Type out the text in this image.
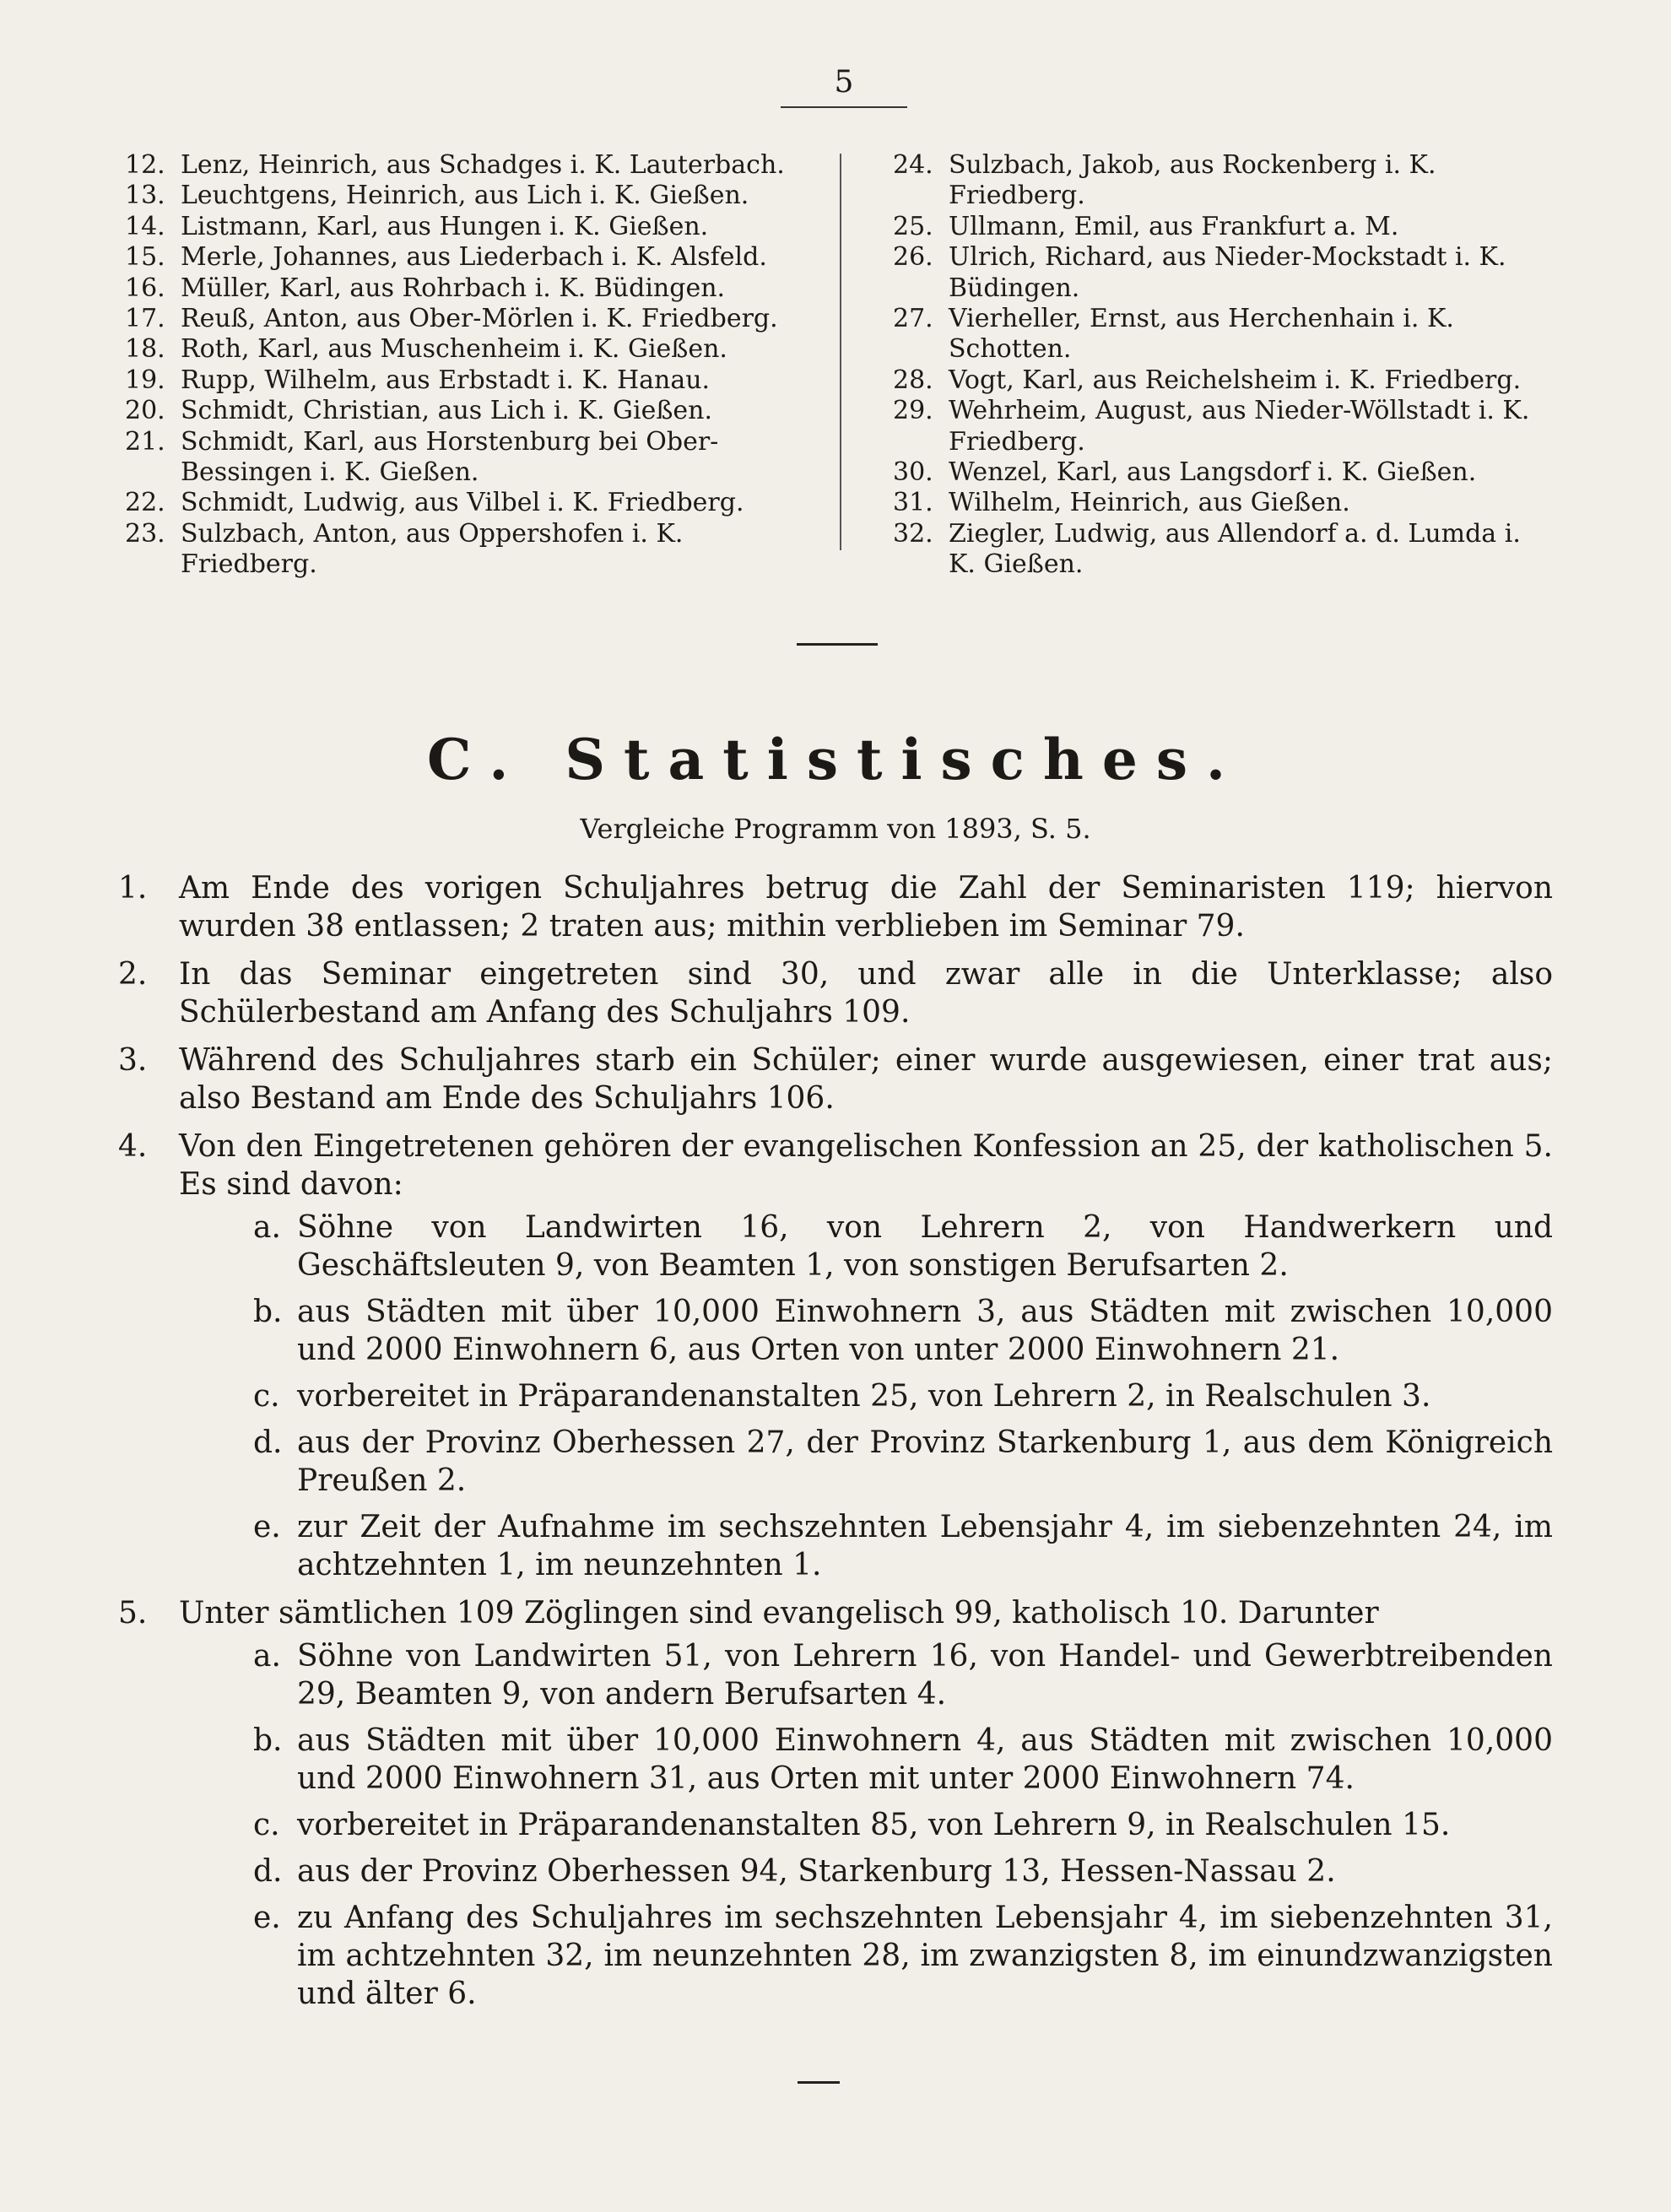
5
12. Lenz, Heinrich, aus Schadges i. K. Lauterbach.
13. Leuchtgens, Heinrich, aus Lich i. K. Gießen.
14. Listmann, Karl, aus Hungen i. K. Gießen.
15. Merle, Johannes, aus Liederbach i. K. Alsfeld.
16. Müller, Karl, aus Rohrbach i. K. Büdingen.
17. Reuß, Anton, aus Ober-Mörlen i. K. Friedberg.
18. Roth, Karl, aus Muschenheim i. K. Gießen.
19. Rupp, Wilhelm, aus Erbstadt i. K. Hanau.
20. Schmidt, Christian, aus Lich i. K. Gießen.
21. Schmidt, Karl, aus Horstenburg bei Ober-Bessingen i. K. Gießen.
22. Schmidt, Ludwig, aus Vilbel i. K. Friedberg.
23. Sulzbach, Anton, aus Oppershofen i. K. Friedberg.
24. Sulzbach, Jakob, aus Rockenberg i. K. Friedberg.
25. Ullmann, Emil, aus Frankfurt a. M.
26. Ulrich, Richard, aus Nieder-Mockstadt i. K. Büdingen.
27. Vierheller, Ernst, aus Herchenhain i. K. Schotten.
28. Vogt, Karl, aus Reichelsheim i. K. Friedberg.
29. Wehrheim, August, aus Nieder-Wöllstadt i. K. Friedberg.
30. Wenzel, Karl, aus Langsdorf i. K. Gießen.
31. Wilhelm, Heinrich, aus Gießen.
32. Ziegler, Ludwig, aus Allendorf a. d. Lumda i. K. Gießen.
C. Statistisches.
Vergleiche Programm von 1893, S. 5.
1.	Am Ende des vorigen Schuljahres betrug die Zahl der Seminaristen 119; hiervon wurden 38 entlassen; 2 traten aus; mithin verblieben im Seminar 79.
2.	In das Seminar eingetreten sind 30, und zwar alle in die Unterklasse; also Schülerbestand am Anfang des Schuljahrs 109.
3.	Während des Schuljahres starb ein Schüler; einer wurde ausgewiesen, einer trat aus; also Bestand am Ende des Schuljahrs 106.
4.	Von den Eingetretenen gehören der evangelischen Konfession an 25, der katholischen 5. Es sind davon:
a. Söhne von Landwirten 16, von Lehrern 2, von Handwerkern und Geschäftsleuten 9, von Beamten 1, von sonstigen Berufsarten 2.
b. aus Städten mit über 10,000 Einwohnern 3, aus Städten mit zwischen 10,000 und 2000 Einwohnern 6, aus Orten von unter 2000 Einwohnern 21.
c. vorbereitet in Präparandenanstalten 25, von Lehrern 2, in Realschulen 3.
d. aus der Provinz Oberhessen 27, der Provinz Starkenburg 1, aus dem Königreich Preußen 2.
e. zur Zeit der Aufnahme im sechszehnten Lebensjahr 4, im siebenzehnten 24, im achtzehnten 1, im neunzehnten 1.
5.	Unter sämtlichen 109 Zöglingen sind evangelisch 99, katholisch 10. Darunter
a. Söhne von Landwirten 51, von Lehrern 16, von Handel- und Gewerbtreibenden 29, Beamten 9, von andern Berufsarten 4.
b. aus Städten mit über 10,000 Einwohnern 4, aus Städten mit zwischen 10,000 und 2000 Einwohnern 31, aus Orten mit unter 2000 Einwohnern 74.
c. vorbereitet in Präparandenanstalten 85, von Lehrern 9, in Realschulen 15.
d. aus der Provinz Oberhessen 94, Starkenburg 13, Hessen-Nassau 2.
e. zu Anfang des Schuljahres im sechszehnten Lebensjahr 4, im siebenzehnten 31, im achtzehnten 32, im neunzehnten 28, im zwanzigsten 8, im einundzwanzigsten und älter 6.
